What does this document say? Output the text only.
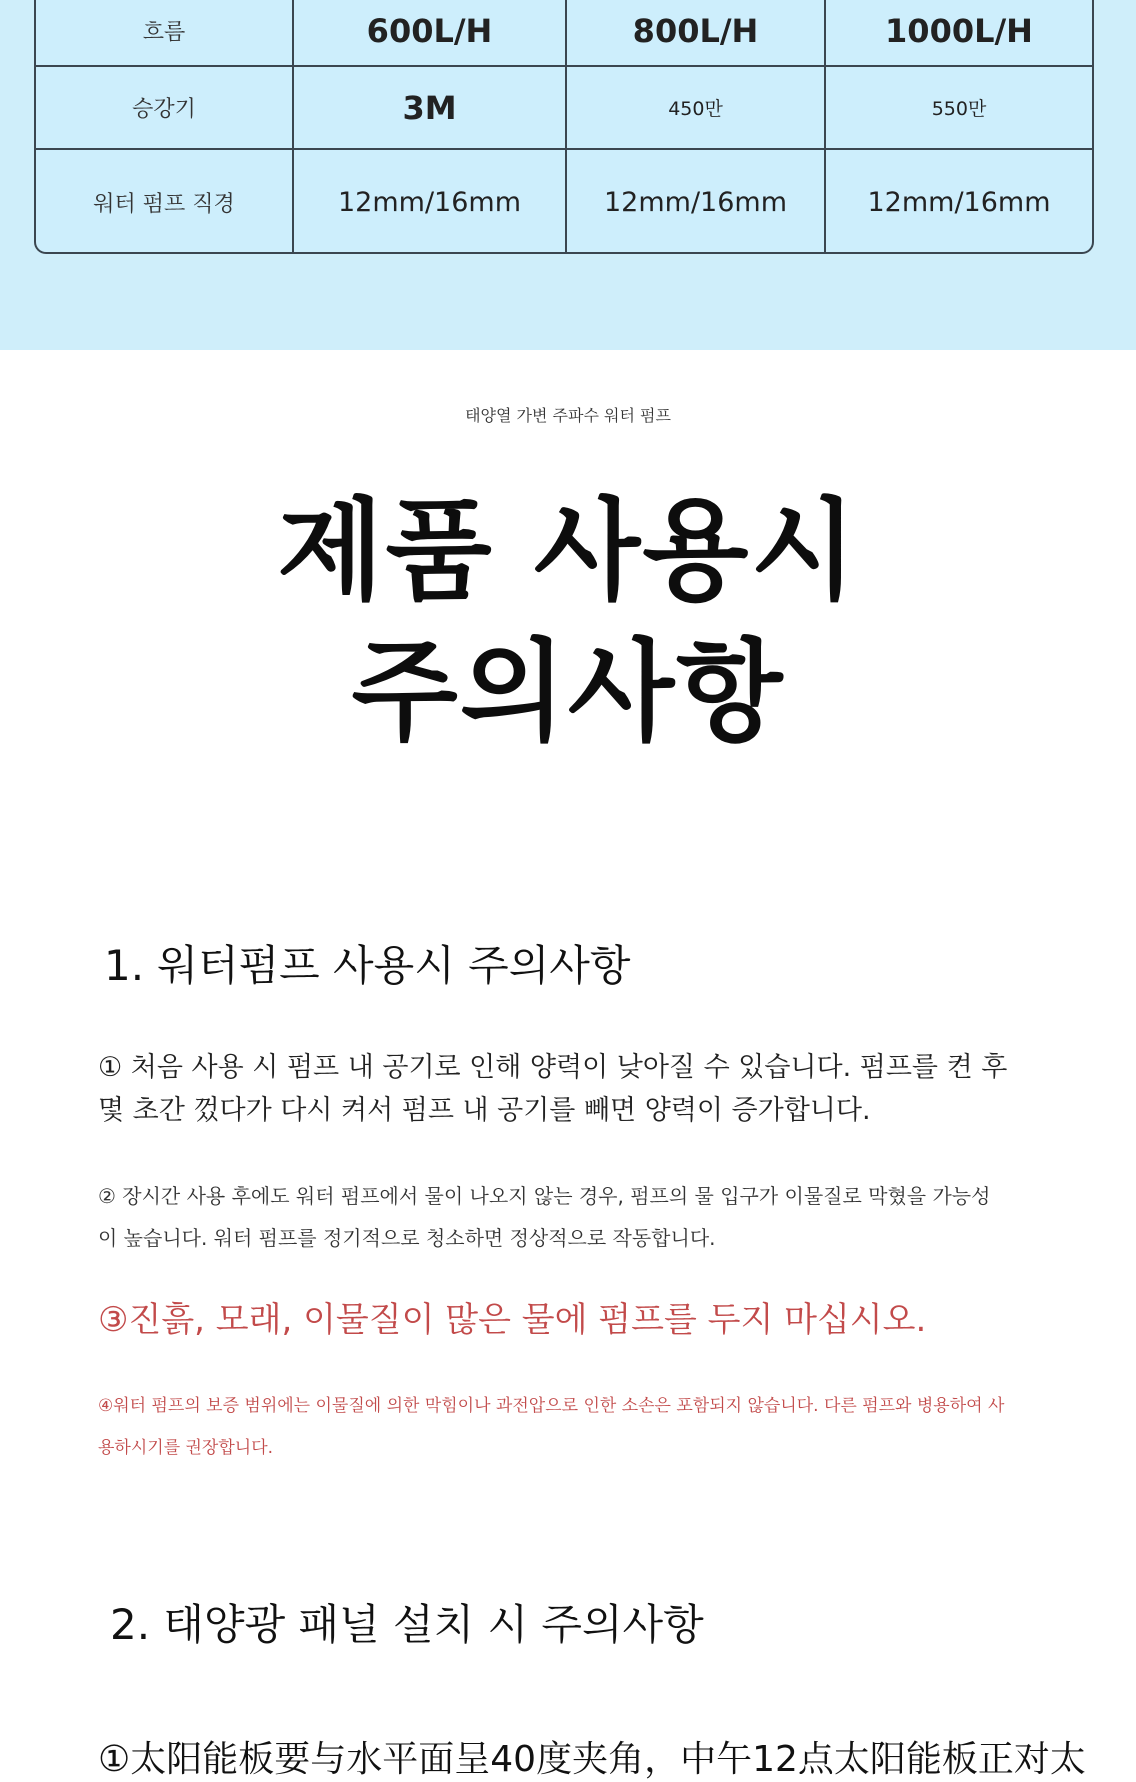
흐름	600L/H	800L/H	1000L/H
승강기	3M	450만	550만
워터 펌프 직경	12mm/16mm	12mm/16mm	12mm/16mm
태양열 가변 주파수 워터 펌프
제품 사용시
주의사항
1. 워터펌프 사용시 주의사항
① 처음 사용 시 펌프 내 공기로 인해 양력이 낮아질 수 있습니다. 펌프를 켠 후 몇 초간 껐다가 다시 켜서 펌프 내 공기를 빼면 양력이 증가합니다.
② 장시간 사용 후에도 워터 펌프에서 물이 나오지 않는 경우, 펌프의 물 입구가 이물질로 막혔을 가능성이 높습니다. 워터 펌프를 정기적으로 청소하면 정상적으로 작동합니다.
③진흙, 모래, 이물질이 많은 물에 펌프를 두지 마십시오.
④워터 펌프의 보증 범위에는 이물질에 의한 막힘이나 과전압으로 인한 소손은 포함되지 않습니다. 다른 펌프와 병용하여 사용하시기를 권장합니다.
2. 태양광 패널 설치 시 주의사항
①太阳能板要与水平面呈40度夹角，中午12点太阳能板正对太
